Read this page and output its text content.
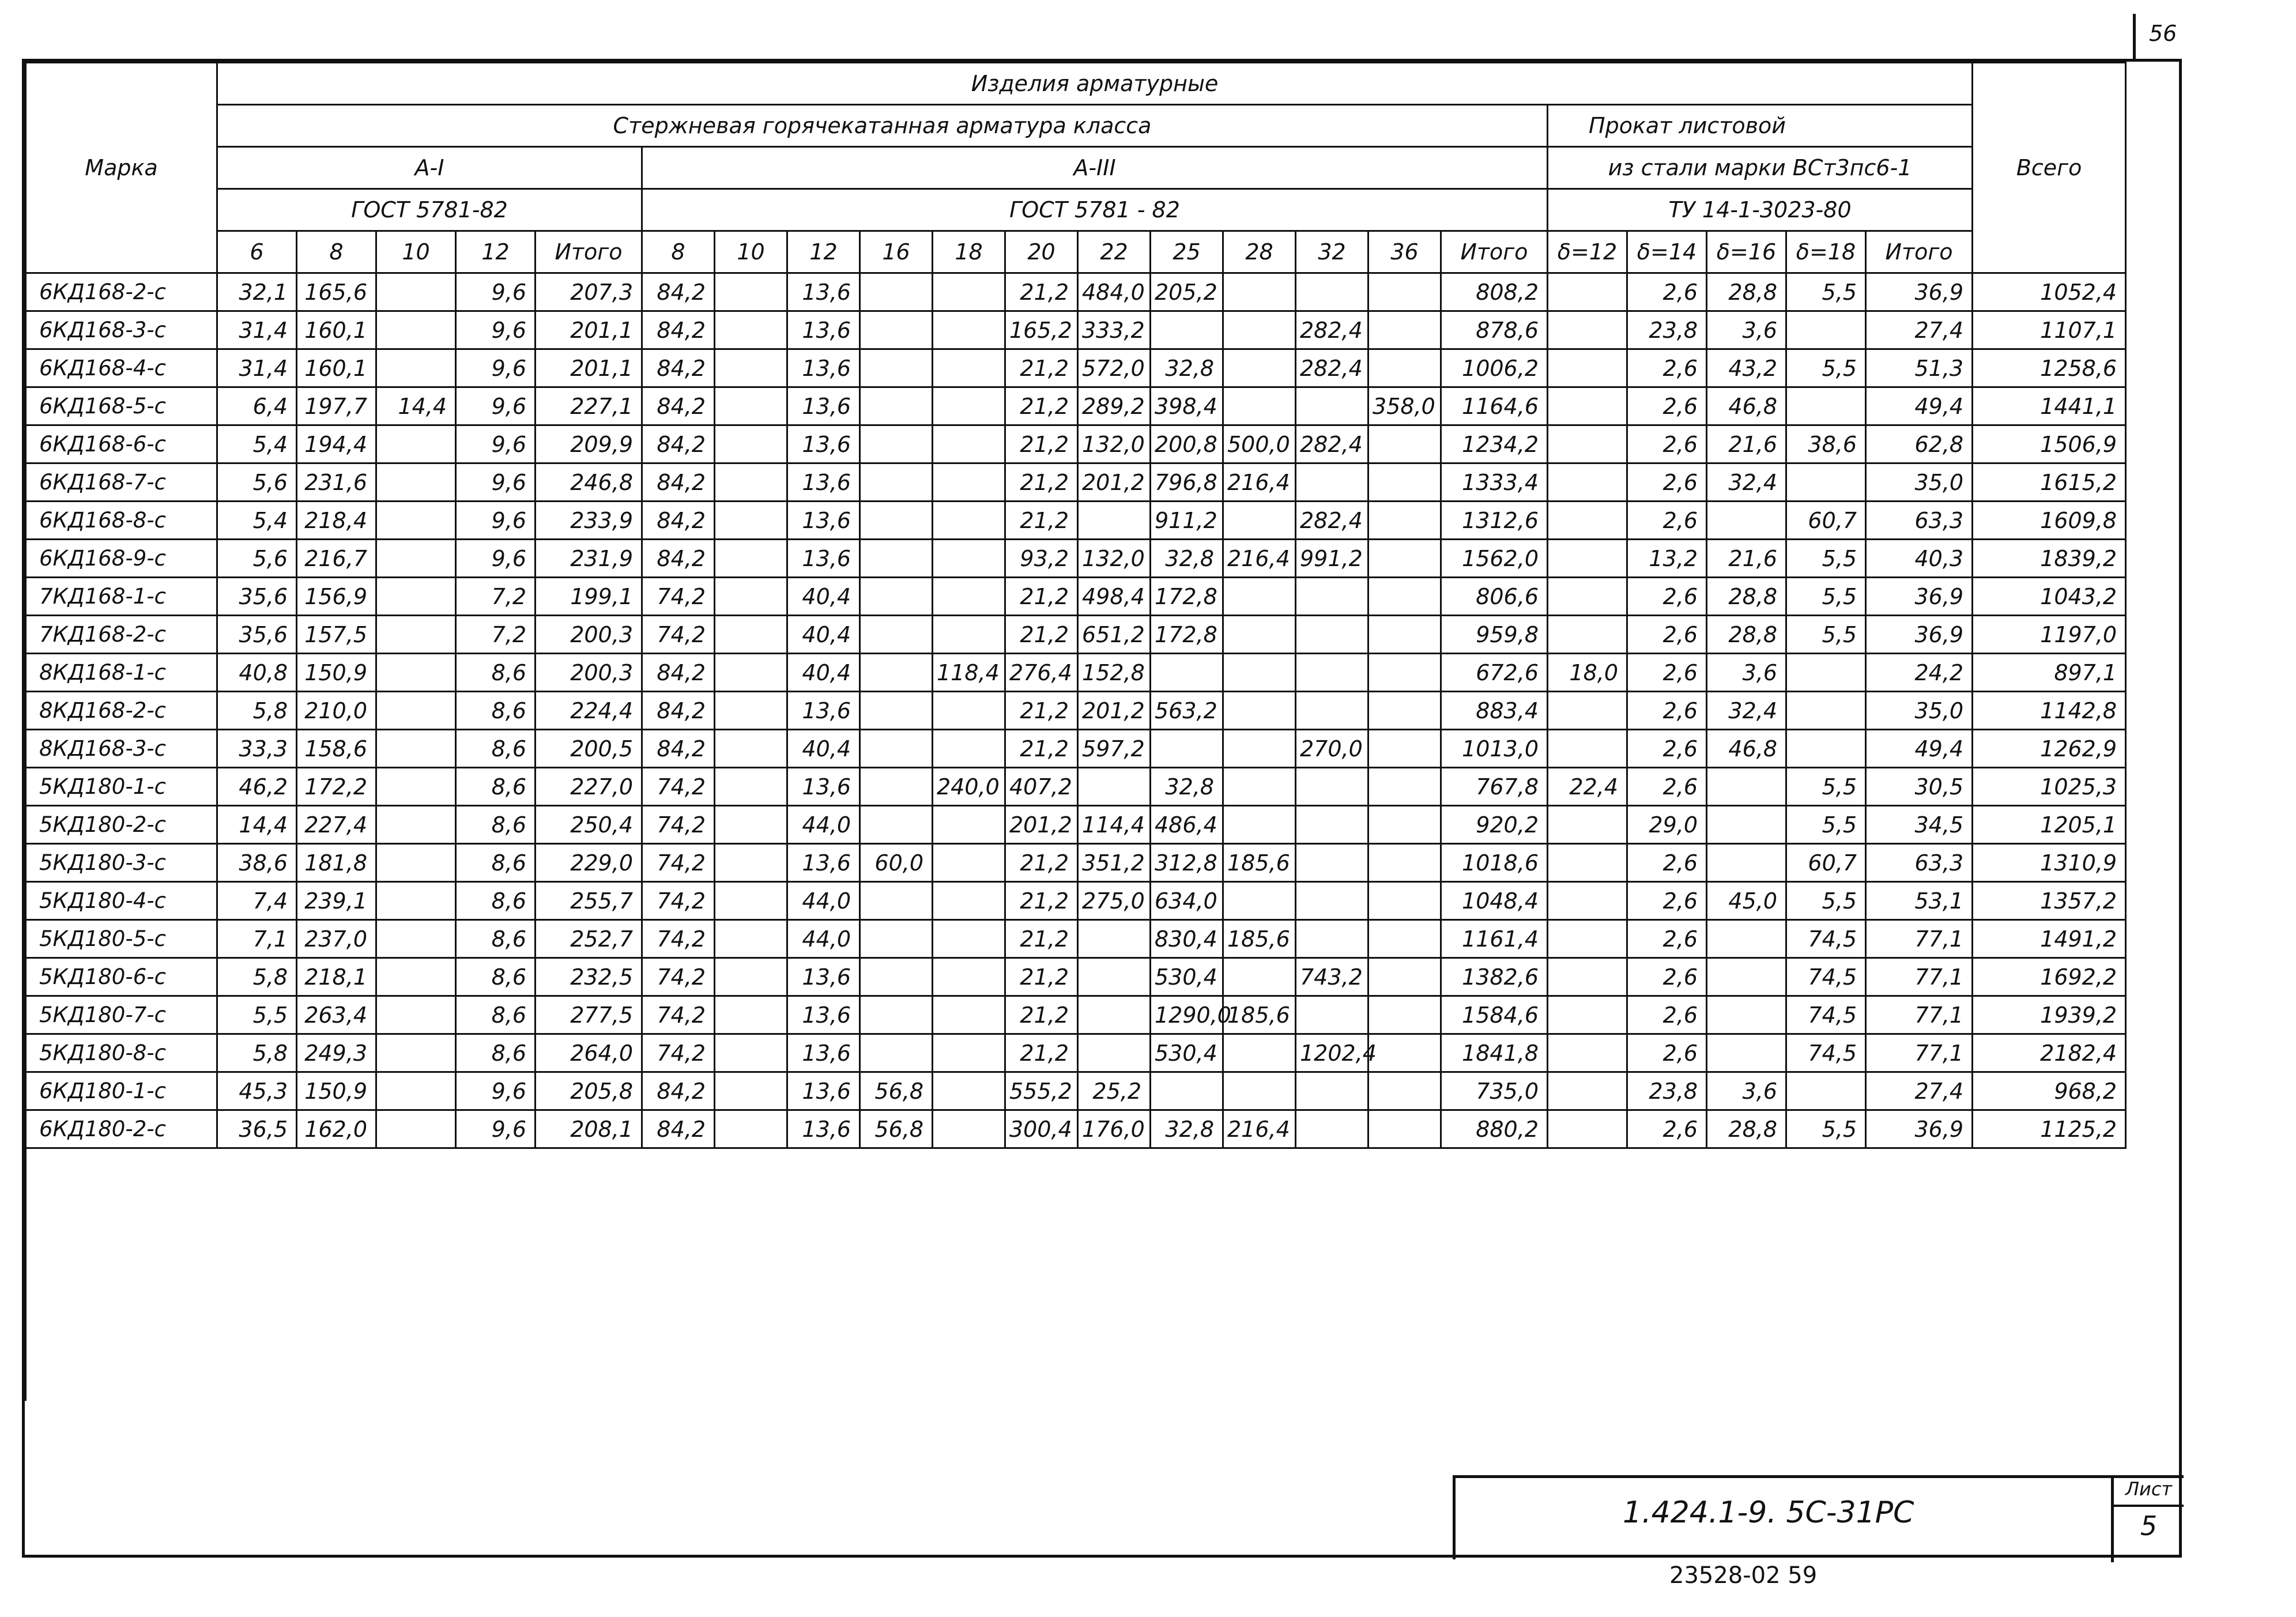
56
Марка	Изделия арматурные																						Всего
	Стержневая горячекатанная арматура класса																	Прокат листовой					
	А-I					А-III												из стали марки ВСт3пс6-1					
	ГОСТ 5781-82					ГОСТ 5781 - 82												ТУ 14-1-3023-80					
	6	8	10	12	Итого	8	10	12	16	18	20	22	25	28	32	36	Итого	δ=12	δ=14	δ=16	δ=18	Итого	
6КД168-2-с	32,1	165,6		9,6	207,3	84,2		13,6			21,2	484,0	205,2				808,2		2,6	28,8	5,5	36,9	1052,4
6КД168-3-с	31,4	160,1		9,6	201,1	84,2		13,6			165,2	333,2			282,4		878,6		23,8	3,6		27,4	1107,1
6КД168-4-с	31,4	160,1		9,6	201,1	84,2		13,6			21,2	572,0	32,8		282,4		1006,2		2,6	43,2	5,5	51,3	1258,6
6КД168-5-с	6,4	197,7	14,4	9,6	227,1	84,2		13,6			21,2	289,2	398,4			358,0	1164,6		2,6	46,8		49,4	1441,1
6КД168-6-с	5,4	194,4		9,6	209,9	84,2		13,6			21,2	132,0	200,8	500,0	282,4		1234,2		2,6	21,6	38,6	62,8	1506,9
6КД168-7-с	5,6	231,6		9,6	246,8	84,2		13,6			21,2	201,2	796,8	216,4			1333,4		2,6	32,4		35,0	1615,2
6КД168-8-с	5,4	218,4		9,6	233,9	84,2		13,6			21,2		911,2		282,4		1312,6		2,6		60,7	63,3	1609,8
6КД168-9-с	5,6	216,7		9,6	231,9	84,2		13,6			93,2	132,0	32,8	216,4	991,2		1562,0		13,2	21,6	5,5	40,3	1839,2
7КД168-1-с	35,6	156,9		7,2	199,1	74,2		40,4			21,2	498,4	172,8				806,6		2,6	28,8	5,5	36,9	1043,2
7КД168-2-с	35,6	157,5		7,2	200,3	74,2		40,4			21,2	651,2	172,8				959,8		2,6	28,8	5,5	36,9	1197,0
8КД168-1-с	40,8	150,9		8,6	200,3	84,2		40,4		118,4	276,4	152,8					672,6	18,0	2,6	3,6		24,2	897,1
8КД168-2-с	5,8	210,0		8,6	224,4	84,2		13,6			21,2	201,2	563,2				883,4		2,6	32,4		35,0	1142,8
8КД168-3-с	33,3	158,6		8,6	200,5	84,2		40,4			21,2	597,2			270,0		1013,0		2,6	46,8		49,4	1262,9
5КД180-1-с	46,2	172,2		8,6	227,0	74,2		13,6		240,0	407,2		32,8				767,8	22,4	2,6		5,5	30,5	1025,3
5КД180-2-с	14,4	227,4		8,6	250,4	74,2		44,0			201,2	114,4	486,4				920,2		29,0		5,5	34,5	1205,1
5КД180-3-с	38,6	181,8		8,6	229,0	74,2		13,6	60,0		21,2	351,2	312,8	185,6			1018,6		2,6		60,7	63,3	1310,9
5КД180-4-с	7,4	239,1		8,6	255,7	74,2		44,0			21,2	275,0	634,0				1048,4		2,6	45,0	5,5	53,1	1357,2
5КД180-5-с	7,1	237,0		8,6	252,7	74,2		44,0			21,2		830,4	185,6			1161,4		2,6		74,5	77,1	1491,2
5КД180-6-с	5,8	218,1		8,6	232,5	74,2		13,6			21,2		530,4		743,2		1382,6		2,6		74,5	77,1	1692,2
5КД180-7-с	5,5	263,4		8,6	277,5	74,2		13,6			21,2		1290,0	185,6			1584,6		2,6		74,5	77,1	1939,2
5КД180-8-с	5,8	249,3		8,6	264,0	74,2		13,6			21,2		530,4		1202,4		1841,8		2,6		74,5	77,1	2182,4
6КД180-1-с	45,3	150,9		9,6	205,8	84,2		13,6	56,8		555,2	25,2					735,0		23,8	3,6		27,4	968,2
6КД180-2-с	36,5	162,0		9,6	208,1	84,2		13,6	56,8		300,4	176,0	32,8	216,4			880,2		2,6	28,8	5,5	36,9	1125,2

1.424.1-9. 5С-31РС
Лист
5
23528-02 59
